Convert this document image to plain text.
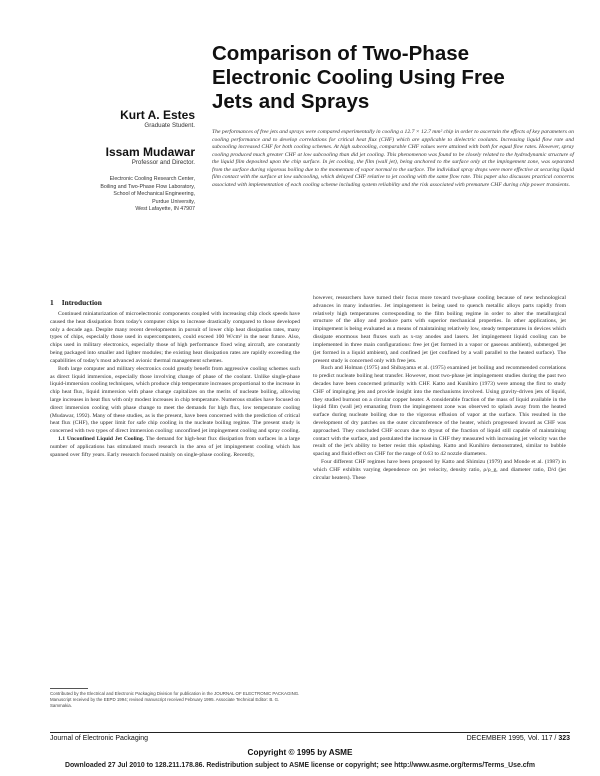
Comparison of Two-Phase
Electronic Cooling Using Free
Jets and Sprays
Kurt A. Estes
Graduate Student.
Issam Mudawar
Professor and Director.
Electronic Cooling Research Center,
Boiling and Two-Phase Flow Laboratory,
School of Mechanical Engineering,
Purdue University,
West Lafayette, IN 47907
The performances of free jets and sprays were compared experimentally in cooling a 12.7 × 12.7 mm² chip in order to ascertain the effects of key parameters on cooling performance and to develop correlations for critical heat flux (CHF) which are applicable to dielectric coolants. Increasing liquid flow rate and subcooling increased CHF for both cooling schemes. At high subcooling, comparable CHF values were attained with both for equal flow rates. However, spray cooling produced much greater CHF at low subcooling than did jet cooling. This phenomenon was found to be closely related to the hydrodynamic structure of the liquid film deposited upon the chip surface. In jet cooling, the film (wall jet), being anchored to the surface only at the impingement zone, was separated from the surface during vigorous boiling due to the momentum of vapor normal to the surface. The individual spray drops were more effective at securing liquid film contact with the surface at low subcooling, which delayed CHF relative to jet cooling with the same flow rate. This paper also discusses practical concerns associated with implementation of each cooling scheme including system reliability and the risk associated with premature CHF during chip power transients.
1 Introduction

Continued miniaturization of microelectronic components coupled with increasing chip clock speeds have caused the heat dissipation from today's computer chips to increase drastically compared to those developed only a decade ago. Despite many recent developments in pursuit of lower chip heat dissipation rates, many types of chips, especially those used in supercomputers, could exceed 100 W/cm² in the near future. Also, chips used in military electronics, especially those of high performance fixed wing aircraft, are constantly being packaged into smaller and lighter modules; the existing heat dissipation rates are rapidly exceeding the capabilities of today's most advanced avionic thermal management schemes.

Both large computer and military electronics could greatly benefit from aggressive cooling schemes such as direct liquid immersion, especially those involving change of phase of the coolant. Unlike single-phase liquid-immersion cooling techniques, which produce chip temperature increases proportional to the increase in chip heat flux, liquid immersion with phase change capitalizes on the merits of nucleate boiling, allowing large increases in heat flux with only modest increases in chip temperature. Numerous studies have focused on direct immersion cooling with phase change to meet the demands for high flux, low temperature cooling (Mudawar, 1992). Many of these studies, as is the present, have been concerned with the prediction of critical heat flux (CHF), the upper limit for safe chip cooling in the nucleate boiling regime. The present study is concerned with two types of direct immersion cooling: unconfined jet impingement cooling and spray cooling.

1.1 Unconfined Liquid Jet Cooling. The demand for high-heat flux dissipation from surfaces in a large number of applications has stimulated much research in the area of jet impingement cooling which has spanned over fifty years. Early research focused mainly on single-phase cooling. Recently,

Contributed by the Electrical and Electronic Packaging Division for publication in the JOURNAL OF ELECTRONIC PACKAGING. Manuscript received by the EEPD 1994; revised manuscript received February 1995. Associate Technical Editor: B. G. Sammakia.

however, researchers have turned their focus more toward two-phase cooling because of new technological advances in many industries. Jet impingement is being used to quench metallic alloys parts rapidly from relatively high temperatures corresponding to the film boiling regime in order to alter the metallurgical structure of the alloy and produce parts with superior mechanical properties. In other applications, jet impingement is being evaluated as a means of maintaining relatively low, steady temperatures in devices which dissipate enormous heat fluxes such as x-ray anodes and lasers. Jet impingement liquid cooling can be implemented in three main configurations: free jet (jet formed in a vapor or gaseous ambient), submerged jet (jet formed in a liquid ambient), and confined jet (jet confined by a wall parallel to the heated surface). The present study is concerned only with free jets.

Ruch and Holman (1975) and Shibayama et al. (1975) examined jet boiling and recommended correlations to predict nucleate boiling heat transfer. However, most two-phase jet impingement studies during the past two decades have been concerned primarily with CHF. Katto and Kunihiro (1973) were among the first to study CHF of impinging jets and provide insight into the mechanisms involved. Using gravity-driven jets of liquid, they studied burnout on a circular copper heater. A considerable fraction of the mass of liquid available in the liquid film (wall jet) emanating from the impingement zone was observed to splash away from the heated surface during nucleate boiling due to the vigorous effusion of vapor at the surface. This resulted in the development of dry patches on the outer circumference of the heater, which progressed inward as CHF was approached. They concluded CHF occurs due to dryout of the fraction of liquid still capable of maintaining contact with the surface, and postulated the increase in CHF they measured with increasing jet velocity was the result of the jet's ability to better resist this splashing. Katto and Kunihiro demonstrated, similar to bubble spacing and fluid effect on CHF for the range of 0.63 to 42 nozzle diameters.

Four different CHF regimes have been proposed by Katto and Shimizu (1979) and Monde et al. (1987) in which CHF exhibits varying dependence on jet velocity, density ratio, ρ/ρ_g, and diameter ratio, D/d (jet circular heaters). These

Journal of Electronic Packaging	DECEMBER 1995, Vol. 117 / 323
Copyright © 1995 by ASME
Downloaded 27 Jul 2010 to 128.211.178.86. Redistribution subject to ASME license or copyright; see http://www.asme.org/terms/Terms_Use.cfm
